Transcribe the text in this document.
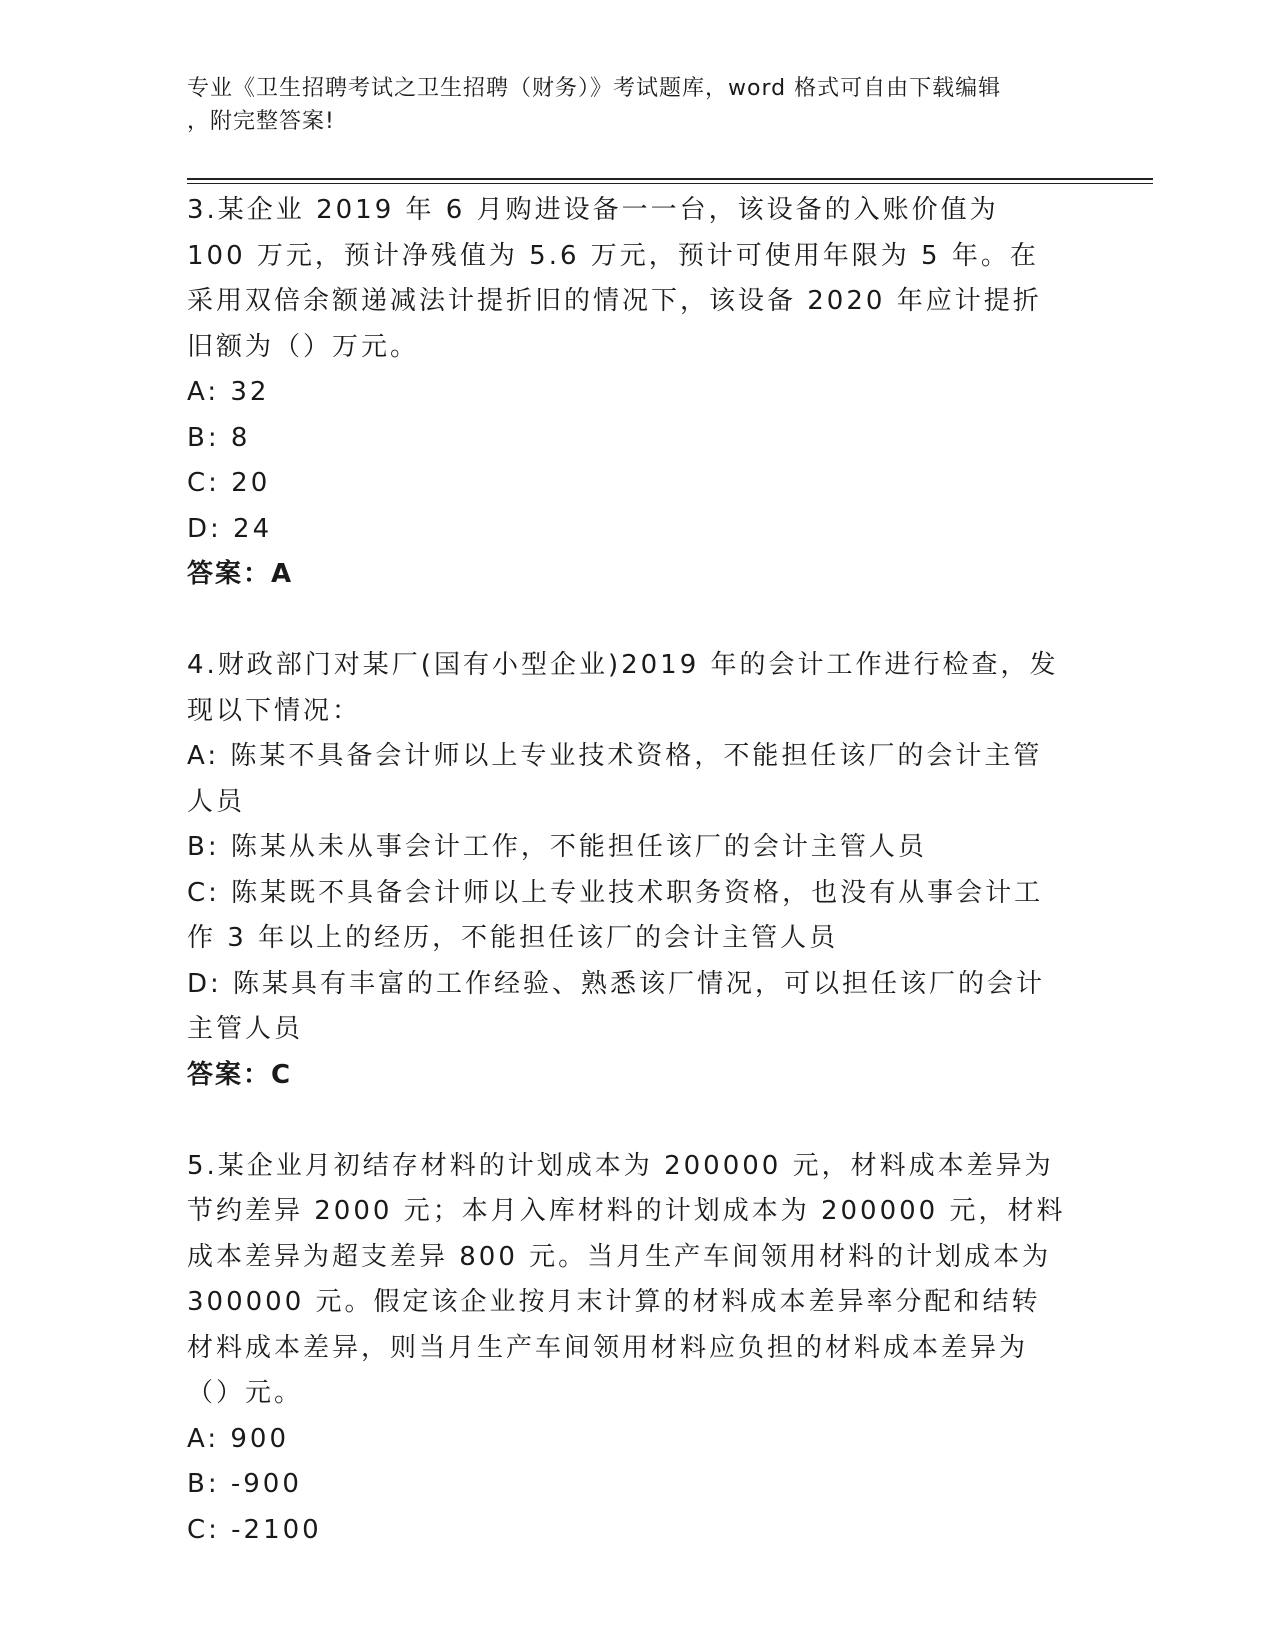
专业《卫生招聘考试之卫生招聘（财务）》考试题库，word 格式可自由下载编辑
，附完整答案!
3.某企业 2019 年 6 月购进设备一一台，该设备的入账价值为 100 万元，预计净残值为 5.6 万元，预计可使用年限为 5 年。在采用双倍余额递减法计提折旧的情况下，该设备 2020 年应计提折旧额为（）万元。
A: 32
B: 8
C: 20
D: 24
答案：A
4.财政部门对某厂(国有小型企业)2019 年的会计工作进行检查，发现以下情况：
A: 陈某不具备会计师以上专业技术资格，不能担任该厂的会计主管人员
B: 陈某从未从事会计工作，不能担任该厂的会计主管人员
C: 陈某既不具备会计师以上专业技术职务资格，也没有从事会计工作 3 年以上的经历，不能担任该厂的会计主管人员
D: 陈某具有丰富的工作经验、熟悉该厂情况，可以担任该厂的会计主管人员
答案：C
5.某企业月初结存材料的计划成本为 200000 元，材料成本差异为节约差异 2000 元；本月入库材料的计划成本为 200000 元，材料成本差异为超支差异 800 元。当月生产车间领用材料的计划成本为 300000 元。假定该企业按月末计算的材料成本差异率分配和结转材料成本差异，则当月生产车间领用材料应负担的材料成本差异为（）元。
A: 900
B: -900
C: -2100
